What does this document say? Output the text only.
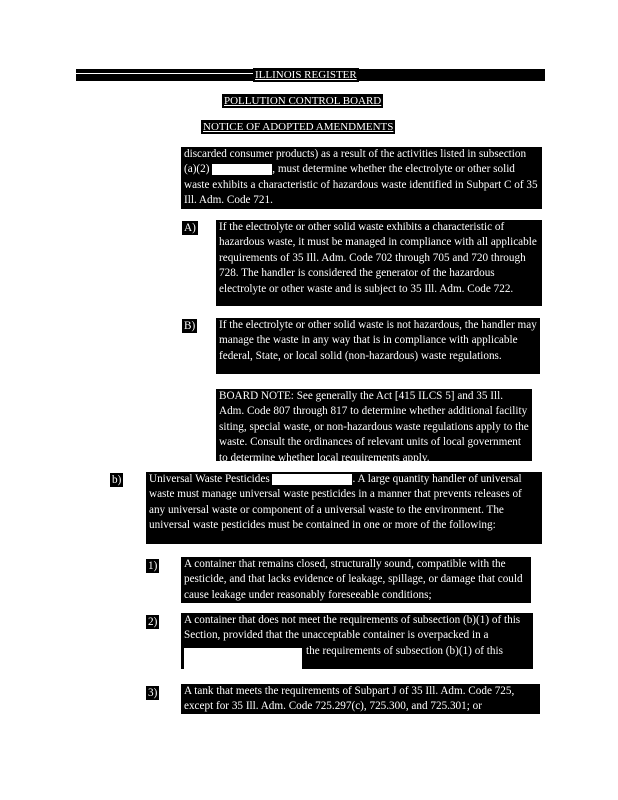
ILLINOIS REGISTER
POLLUTION CONTROL BOARD
NOTICE OF ADOPTED AMENDMENTS
discarded consumer products) as a result of the activities listed in subsection (a)(2)	, must determine whether the electrolyte or other solid waste exhibits a characteristic of hazardous waste identified in Subpart C of 35 Ill. Adm. Code 721.
A) If the electrolyte or other solid waste exhibits a characteristic of hazardous waste, it must be managed in compliance with all applicable requirements of 35 Ill. Adm. Code 702 through 705 and 720 through 728. The handler is considered the generator of the hazardous electrolyte or other waste and is subject to 35 Ill. Adm. Code 722.
B) If the electrolyte or other solid waste is not hazardous, the handler may manage the waste in any way that is in compliance with applicable federal, State, or local solid (non-hazardous) waste regulations.
BOARD NOTE: See generally the Act [415 ILCS 5] and 35 Ill. Adm. Code 807 through 817 to determine whether additional facility siting, special waste, or non-hazardous waste regulations apply to the waste. Consult the ordinances of relevant units of local government to determine whether local requirements apply.
b) Universal Waste Pesticides	. A large quantity handler of universal waste must manage universal waste pesticides in a manner that prevents releases of any universal waste or component of a universal waste to the environment. The universal waste pesticides must be contained in one or more of the following:
1) A container that remains closed, structurally sound, compatible with the pesticide, and that lacks evidence of leakage, spillage, or damage that could cause leakage under reasonably foreseeable conditions;
2) A container that does not meet the requirements of subsection (b)(1) of this Section, provided that the unacceptable container is overpacked in a
the requirements of subsection (b)(1) of this
3) A tank that meets the requirements of Subpart J of 35 Ill. Adm. Code 725, except for 35 Ill. Adm. Code 725.297(c), 725.300, and 725.301; or
